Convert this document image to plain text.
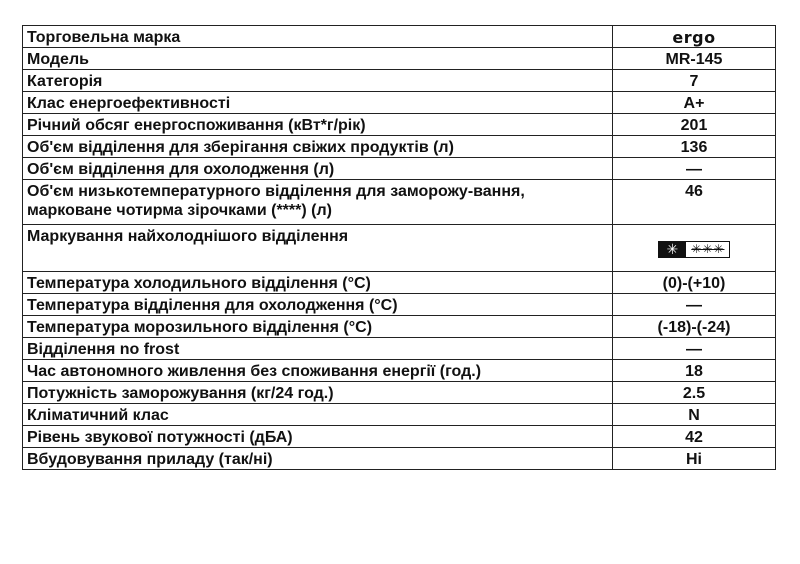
Торговельна марка	ergo
Модель	MR-145
Категорія	7
Клас енергоефективності	A+
Річний обсяг енергоспоживання (кВт*г/рік)	201
Об'єм відділення для зберігання свіжих продуктів (л)	136
Об'єм відділення для охолодження (л)	—
Об'єм низькотемпературного відділення для заморожу-вання, марковане чотирма зірочками (****) (л)	46
Маркування найхолоднішого відділення	✳ ✳✳✳

Температура холодильного відділення (°С)	(0)-(+10)
Температура відділення для охолодження (°С)	—
Температура морозильного відділення (°С)	(-18)-(-24)
Відділення no frost	—
Час автономного живлення без споживання енергії (год.)	18
Потужність заморожування (кг/24 год.)	2.5
Кліматичний клас	N
Рівень звукової потужності (дБА)	42
Вбудовування приладу (так/ні)	Ні
